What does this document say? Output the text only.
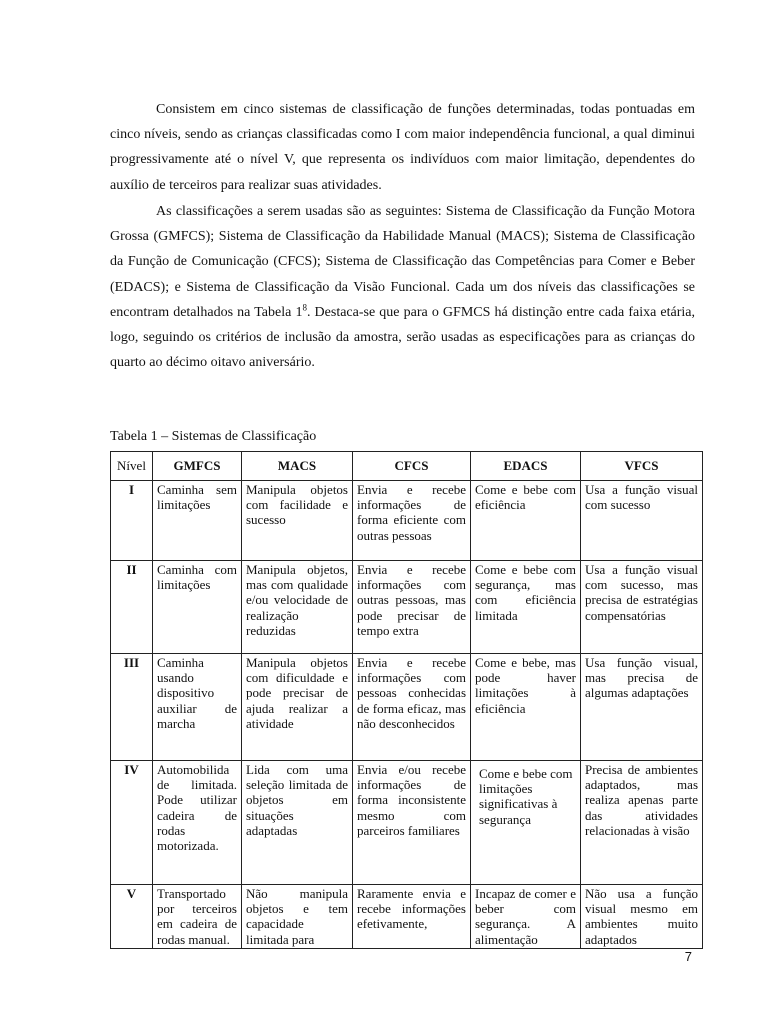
Consistem em cinco sistemas de classificação de funções determinadas, todas pontuadas em cinco níveis, sendo as crianças classificadas como I com maior independência funcional, a qual diminui progressivamente até o nível V, que representa os indivíduos com maior limitação, dependentes do auxílio de terceiros para realizar suas atividades.

As classificações a serem usadas são as seguintes: Sistema de Classificação da Função Motora Grossa (GMFCS); Sistema de Classificação da Habilidade Manual (MACS); Sistema de Classificação da Função de Comunicação (CFCS); Sistema de Classificação das Competências para Comer e Beber (EDACS); e Sistema de Classificação da Visão Funcional. Cada um dos níveis das classificações se encontram detalhados na Tabela $1^8$. Destaca-se que para o GFMCS há distinção entre cada faixa etária, logo, seguindo os critérios de inclusão da amostra, serão usadas as especificações para as crianças do quarto ao décimo oitavo aniversário.

Tabela 1 – Sistemas de Classificação

Nível	GMFCS	MACS	CFCS	EDACS	VFCS
I	Caminha sem limitações	Manipula objetos com facilidade e sucesso	Envia e recebe informações de forma eficiente com outras pessoas	Come e bebe com eficiência	Usa a função visual com sucesso
II	Caminha com limitações	Manipula objetos, mas com qualidade e/ou velocidade de realização reduzidas	Envia e recebe informações com outras pessoas, mas pode precisar de tempo extra	Come e bebe com segurança, mas com eficiência limitada	Usa a função visual com sucesso, mas precisa de estratégias compensatórias
III	Caminha usando dispositivo auxiliar de marcha	Manipula objetos com dificuldade e pode precisar de ajuda realizar a atividade	Envia e recebe informações com pessoas conhecidas de forma eficaz, mas não desconhecidos	Come e bebe, mas pode haver limitações à eficiência	Usa função visual, mas precisa de algumas adaptações
IV	Automobilida de limitada. Pode utilizar cadeira de rodas motorizada.	Lida com uma seleção limitada de objetos em situações adaptadas	Envia e/ou recebe informações de forma inconsistente mesmo com parceiros familiares	Come e bebe com limitações significativas à segurança	Precisa de ambientes adaptados, mas realiza apenas parte das atividades relacionadas à visão
V	Transportado por terceiros em cadeira de rodas manual.	Não manipula objetos e tem capacidade limitada para	Raramente envia e recebe informações efetivamente,	Incapaz de comer e beber com segurança. A alimentação	Não usa a função visual mesmo em ambientes muito adaptados
7
